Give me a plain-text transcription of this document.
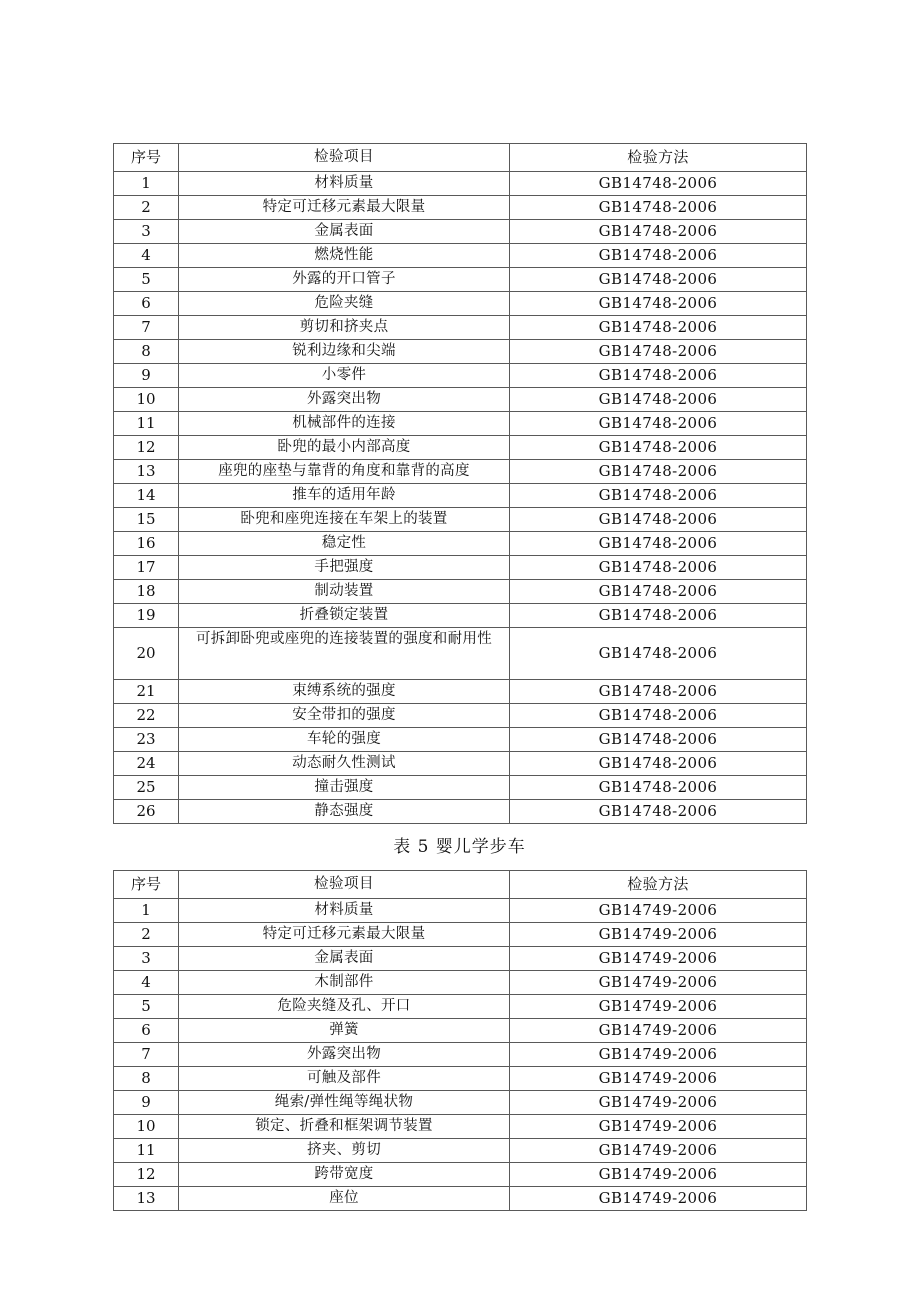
序号	检验项目	检验方法
1	材料质量	GB14748-2006
2	特定可迁移元素最大限量	GB14748-2006
3	金属表面	GB14748-2006
4	燃烧性能	GB14748-2006
5	外露的开口管子	GB14748-2006
6	危险夹缝	GB14748-2006
7	剪切和挤夹点	GB14748-2006
8	锐利边缘和尖端	GB14748-2006
9	小零件	GB14748-2006
10	外露突出物	GB14748-2006
11	机械部件的连接	GB14748-2006
12	卧兜的最小内部高度	GB14748-2006
13	座兜的座垫与靠背的角度和靠背的高度	GB14748-2006
14	推车的适用年龄	GB14748-2006
15	卧兜和座兜连接在车架上的装置	GB14748-2006
16	稳定性	GB14748-2006
17	手把强度	GB14748-2006
18	制动装置	GB14748-2006
19	折叠锁定装置	GB14748-2006
20	可拆卸卧兜或座兜的连接装置的强度和耐用性	GB14748-2006
21	束缚系统的强度	GB14748-2006
22	安全带扣的强度	GB14748-2006
23	车轮的强度	GB14748-2006
24	动态耐久性测试	GB14748-2006
25	撞击强度	GB14748-2006
26	静态强度	GB14748-2006
表 5 婴儿学步车
序号	检验项目	检验方法
1	材料质量	GB14749-2006
2	特定可迁移元素最大限量	GB14749-2006
3	金属表面	GB14749-2006
4	木制部件	GB14749-2006
5	危险夹缝及孔、开口	GB14749-2006
6	弹簧	GB14749-2006
7	外露突出物	GB14749-2006
8	可触及部件	GB14749-2006
9	绳索/弹性绳等绳状物	GB14749-2006
10	锁定、折叠和框架调节装置	GB14749-2006
11	挤夹、剪切	GB14749-2006
12	跨带宽度	GB14749-2006
13	座位	GB14749-2006
